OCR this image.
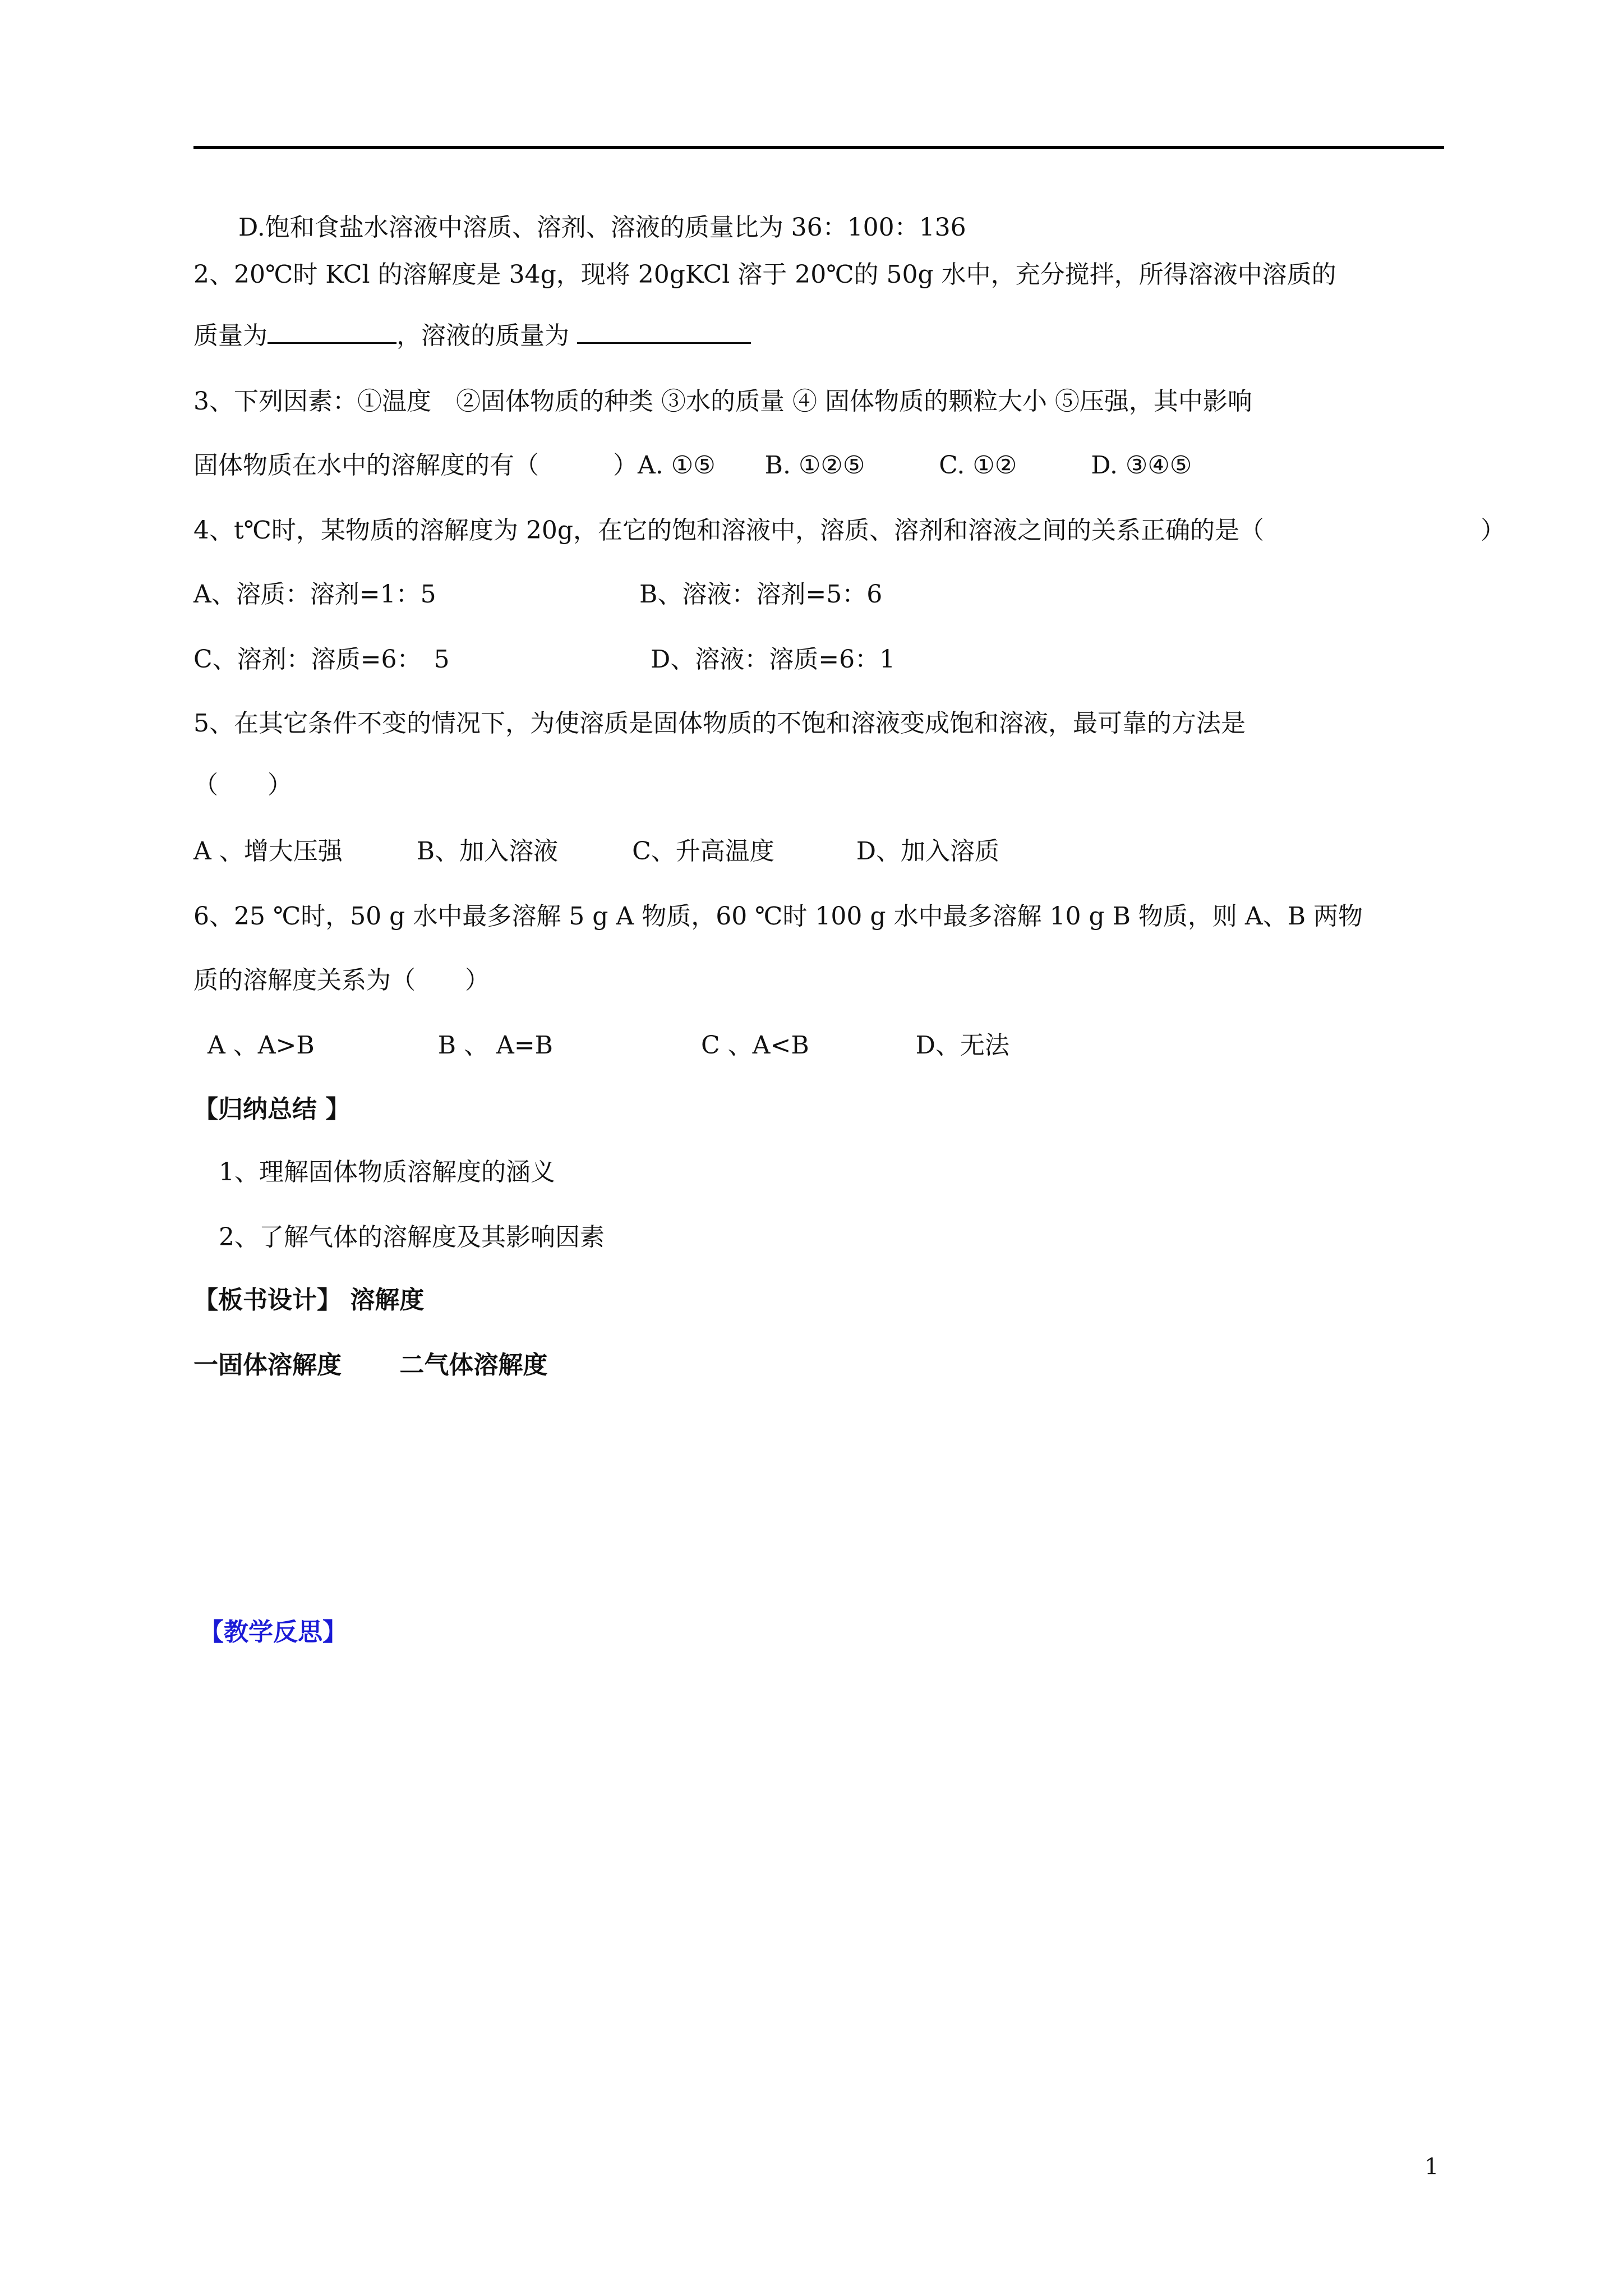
D.饱和食盐水溶液中溶质、溶剂、溶液的质量比为 36：100：136
2、20℃时 KCl 的溶解度是 34g，现将 20gKCl 溶于 20℃的 50g 水中，充分搅拌，所得溶液中溶质的
质量为	，溶液的质量为
3、下列因素：①温度　②固体物质的种类 ③水的质量 ④ 固体物质的颗粒大小 ⑤压强，其中影响
固体物质在水中的溶解度的有（　　　）A. ①⑤　　B. ①②⑤　　　C. ①②　　　D. ③④⑤
4、t℃时，某物质的溶解度为 20g，在它的饱和溶液中，溶质、溶剂和溶液之间的关系正确的是（	）
A、溶质：溶剂=1：5	B、溶液：溶剂=5：6
C、溶剂：溶质=6：　5	D、溶液：溶质=6：1
5、在其它条件不变的情况下，为使溶质是固体物质的不饱和溶液变成饱和溶液，最可靠的方法是
（　　）
A 、增大压强　　　B、加入溶液　　　C、升高温度　　　 D、加入溶质
6、25 ℃时，50 g 水中最多溶解 5 g A 物质，60 ℃时 100 g 水中最多溶解 10 g B 物质，则 A、B 两物
质的溶解度关系为（　　）
A 、A>B　　　　　B 、 A=B　　　　　　C 、A<B　　　　 D、无法
【归纳总结 】
1、理解固体物质溶解度的涵义
2、了解气体的溶解度及其影响因素
【板书设计】 溶解度
一固体溶解度　　 二气体溶解度
【教学反思】
1
